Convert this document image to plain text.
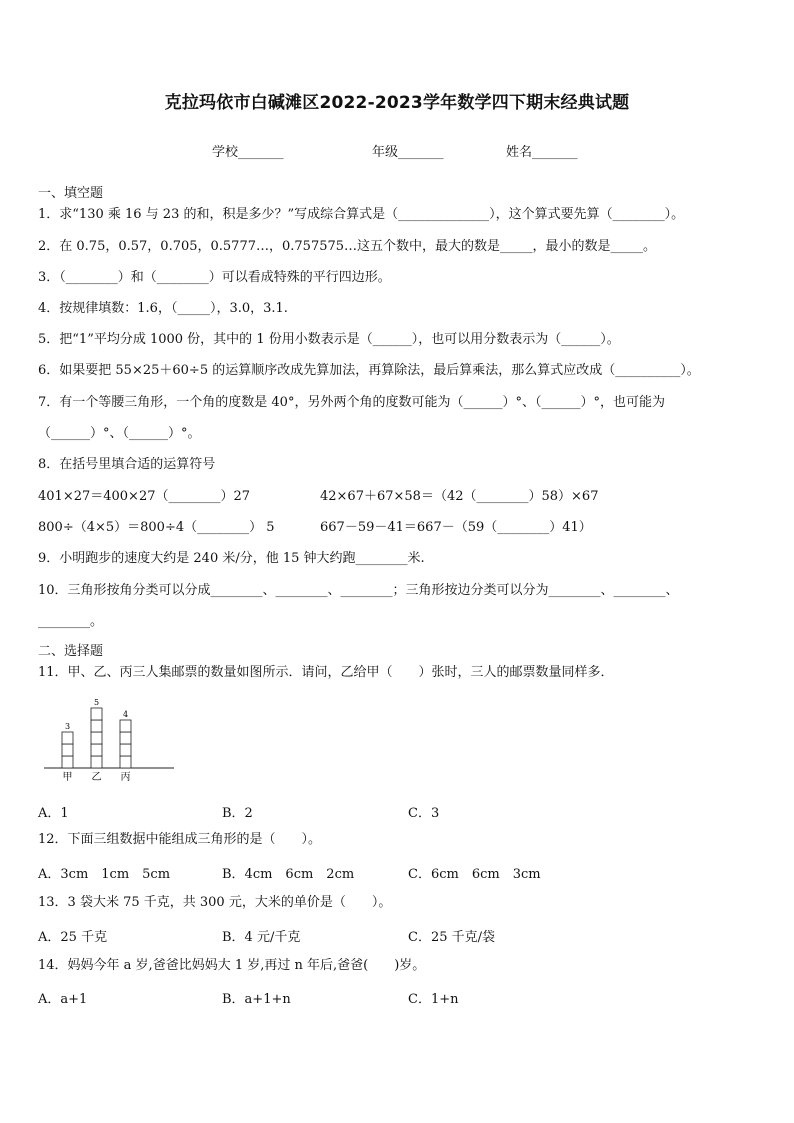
克拉玛依市白碱滩区2022-2023学年数学四下期末经典试题
学校_______	年级_______	姓名_______
一、填空题
1．求“130 乘 16 与 23 的和，积是多少？”写成综合算式是（______________），这个算式要先算（________）。
2．在 0.75，0.57，0.705，0.5777…，0.757575…这五个数中，最大的数是_____，最小的数是_____。
3．（________）和（________）可以看成特殊的平行四边形。
4．按规律填数：1.6，（_____），3.0，3.1.
5．把“1”平均分成 1000 份，其中的 1 份用小数表示是（______），也可以用分数表示为（______）。
6．如果要把 55×25＋60÷5 的运算顺序改成先算加法，再算除法，最后算乘法，那么算式应改成（__________）。
7．有一个等腰三角形，一个角的度数是 40°，另外两个角的度数可能为（______）°、（______）°，也可能为
（______）°、（______）°。
8．在括号里填合适的运算符号
401×27＝400×27（________）27	42×67＋67×58＝（42（________）58）×67
800÷（4×5）＝800÷4（________） 5	667－59－41＝667－（59（________）41）
9．小明跑步的速度大约是 240 米/分，他 15 钟大约跑________米.
10．三角形按角分类可以分成________、________、________；三角形按边分类可以分为________、________、
________。
二、选择题
11．甲、乙、丙三人集邮票的数量如图所示．请问，乙给甲（　　）张时，三人的邮票数量同样多．
3
甲
5
乙
4
丙
A．1	B．2	C．3
12．下面三组数据中能组成三角形的是（　　）。
A．3cm　1cm　5cm	B．4cm　6cm　2cm	C．6cm　6cm　3cm
13．3 袋大米 75 千克，共 300 元，大米的单价是（　　）。
A．25 千克	B．4 元/千克	C．25 千克/袋
14．妈妈今年 a 岁,爸爸比妈妈大 1 岁,再过 n 年后,爸爸(　　)岁。
A．a+1	B．a+1+n	C．1+n
